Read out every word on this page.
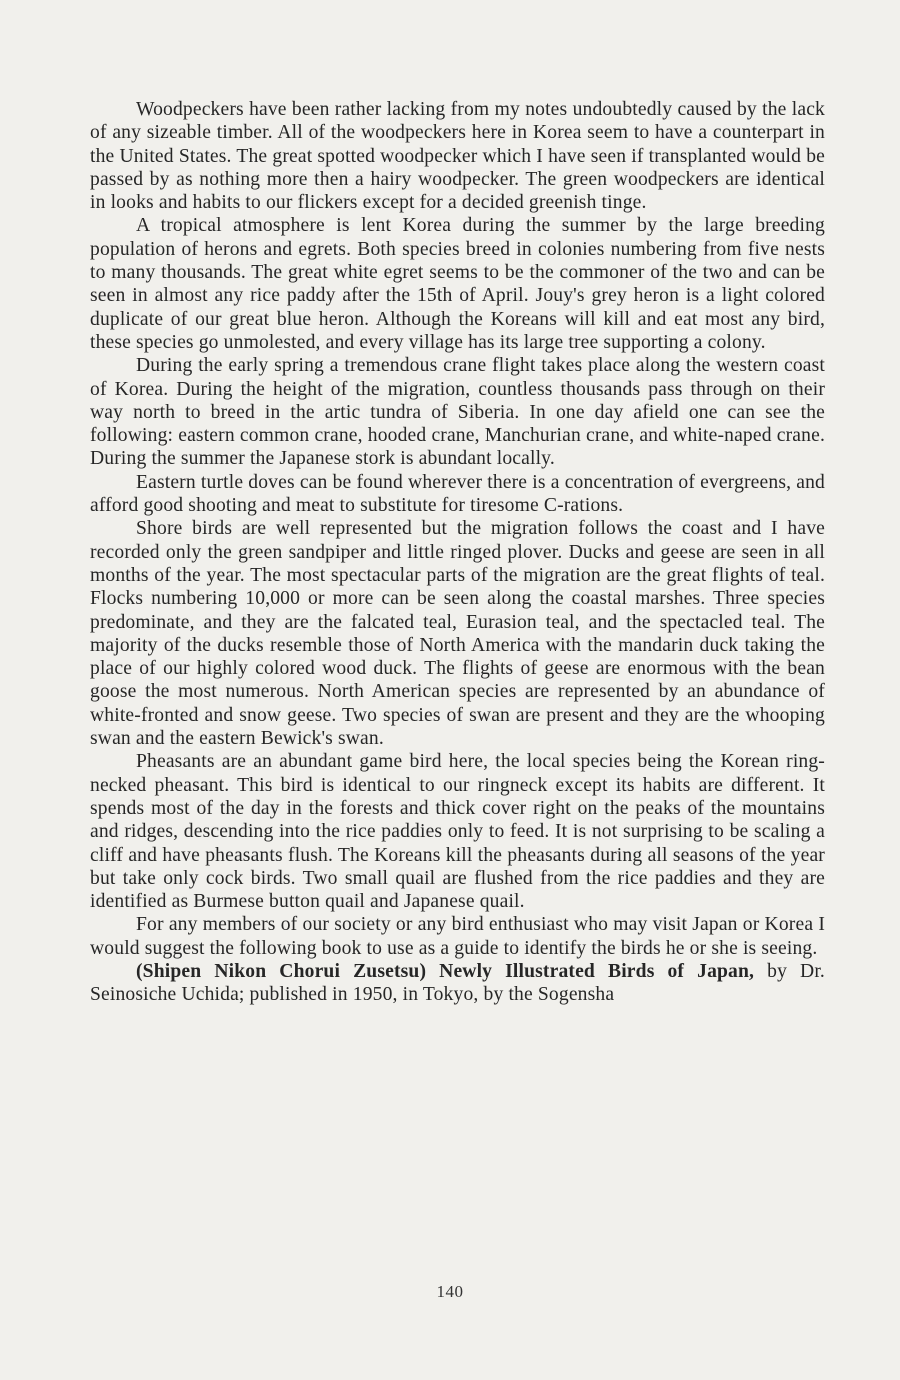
Woodpeckers have been rather lacking from my notes undoubtedly caused by the lack of any sizeable timber. All of the woodpeckers here in Korea seem to have a counterpart in the United States. The great spotted woodpecker which I have seen if transplanted would be passed by as nothing more then a hairy woodpecker. The green woodpeckers are identical in looks and habits to our flickers except for a decided greenish tinge.

A tropical atmosphere is lent Korea during the summer by the large breeding population of herons and egrets. Both species breed in colonies numbering from five nests to many thousands. The great white egret seems to be the commoner of the two and can be seen in almost any rice paddy after the 15th of April. Jouy's grey heron is a light colored duplicate of our great blue heron. Although the Koreans will kill and eat most any bird, these species go unmolested, and every village has its large tree supporting a colony.

During the early spring a tremendous crane flight takes place along the western coast of Korea. During the height of the migration, countless thousands pass through on their way north to breed in the artic tundra of Siberia. In one day afield one can see the following: eastern common crane, hooded crane, Manchurian crane, and white-naped crane. During the summer the Japanese stork is abundant locally.

Eastern turtle doves can be found wherever there is a concentration of evergreens, and afford good shooting and meat to substitute for tiresome C-rations.

Shore birds are well represented but the migration follows the coast and I have recorded only the green sandpiper and little ringed plover. Ducks and geese are seen in all months of the year. The most spectacular parts of the migration are the great flights of teal. Flocks numbering 10,000 or more can be seen along the coastal marshes. Three species predominate, and they are the falcated teal, Eurasion teal, and the spectacled teal. The majority of the ducks resemble those of North America with the mandarin duck taking the place of our highly colored wood duck. The flights of geese are enormous with the bean goose the most numerous. North American species are represented by an abundance of white-fronted and snow geese. Two species of swan are present and they are the whooping swan and the eastern Bewick's swan.

Pheasants are an abundant game bird here, the local species being the Korean ring-necked pheasant. This bird is identical to our ringneck except its habits are different. It spends most of the day in the forests and thick cover right on the peaks of the mountains and ridges, descending into the rice paddies only to feed. It is not surprising to be scaling a cliff and have pheasants flush. The Koreans kill the pheasants during all seasons of the year but take only cock birds. Two small quail are flushed from the rice paddies and they are identified as Burmese button quail and Japanese quail.

For any members of our society or any bird enthusiast who may visit Japan or Korea I would suggest the following book to use as a guide to identify the birds he or she is seeing.

(Shipen Nikon Chorui Zusetsu) Newly Illustrated Birds of Japan, by Dr. Seinosiche Uchida; published in 1950, in Tokyo, by the Sogensha

140
